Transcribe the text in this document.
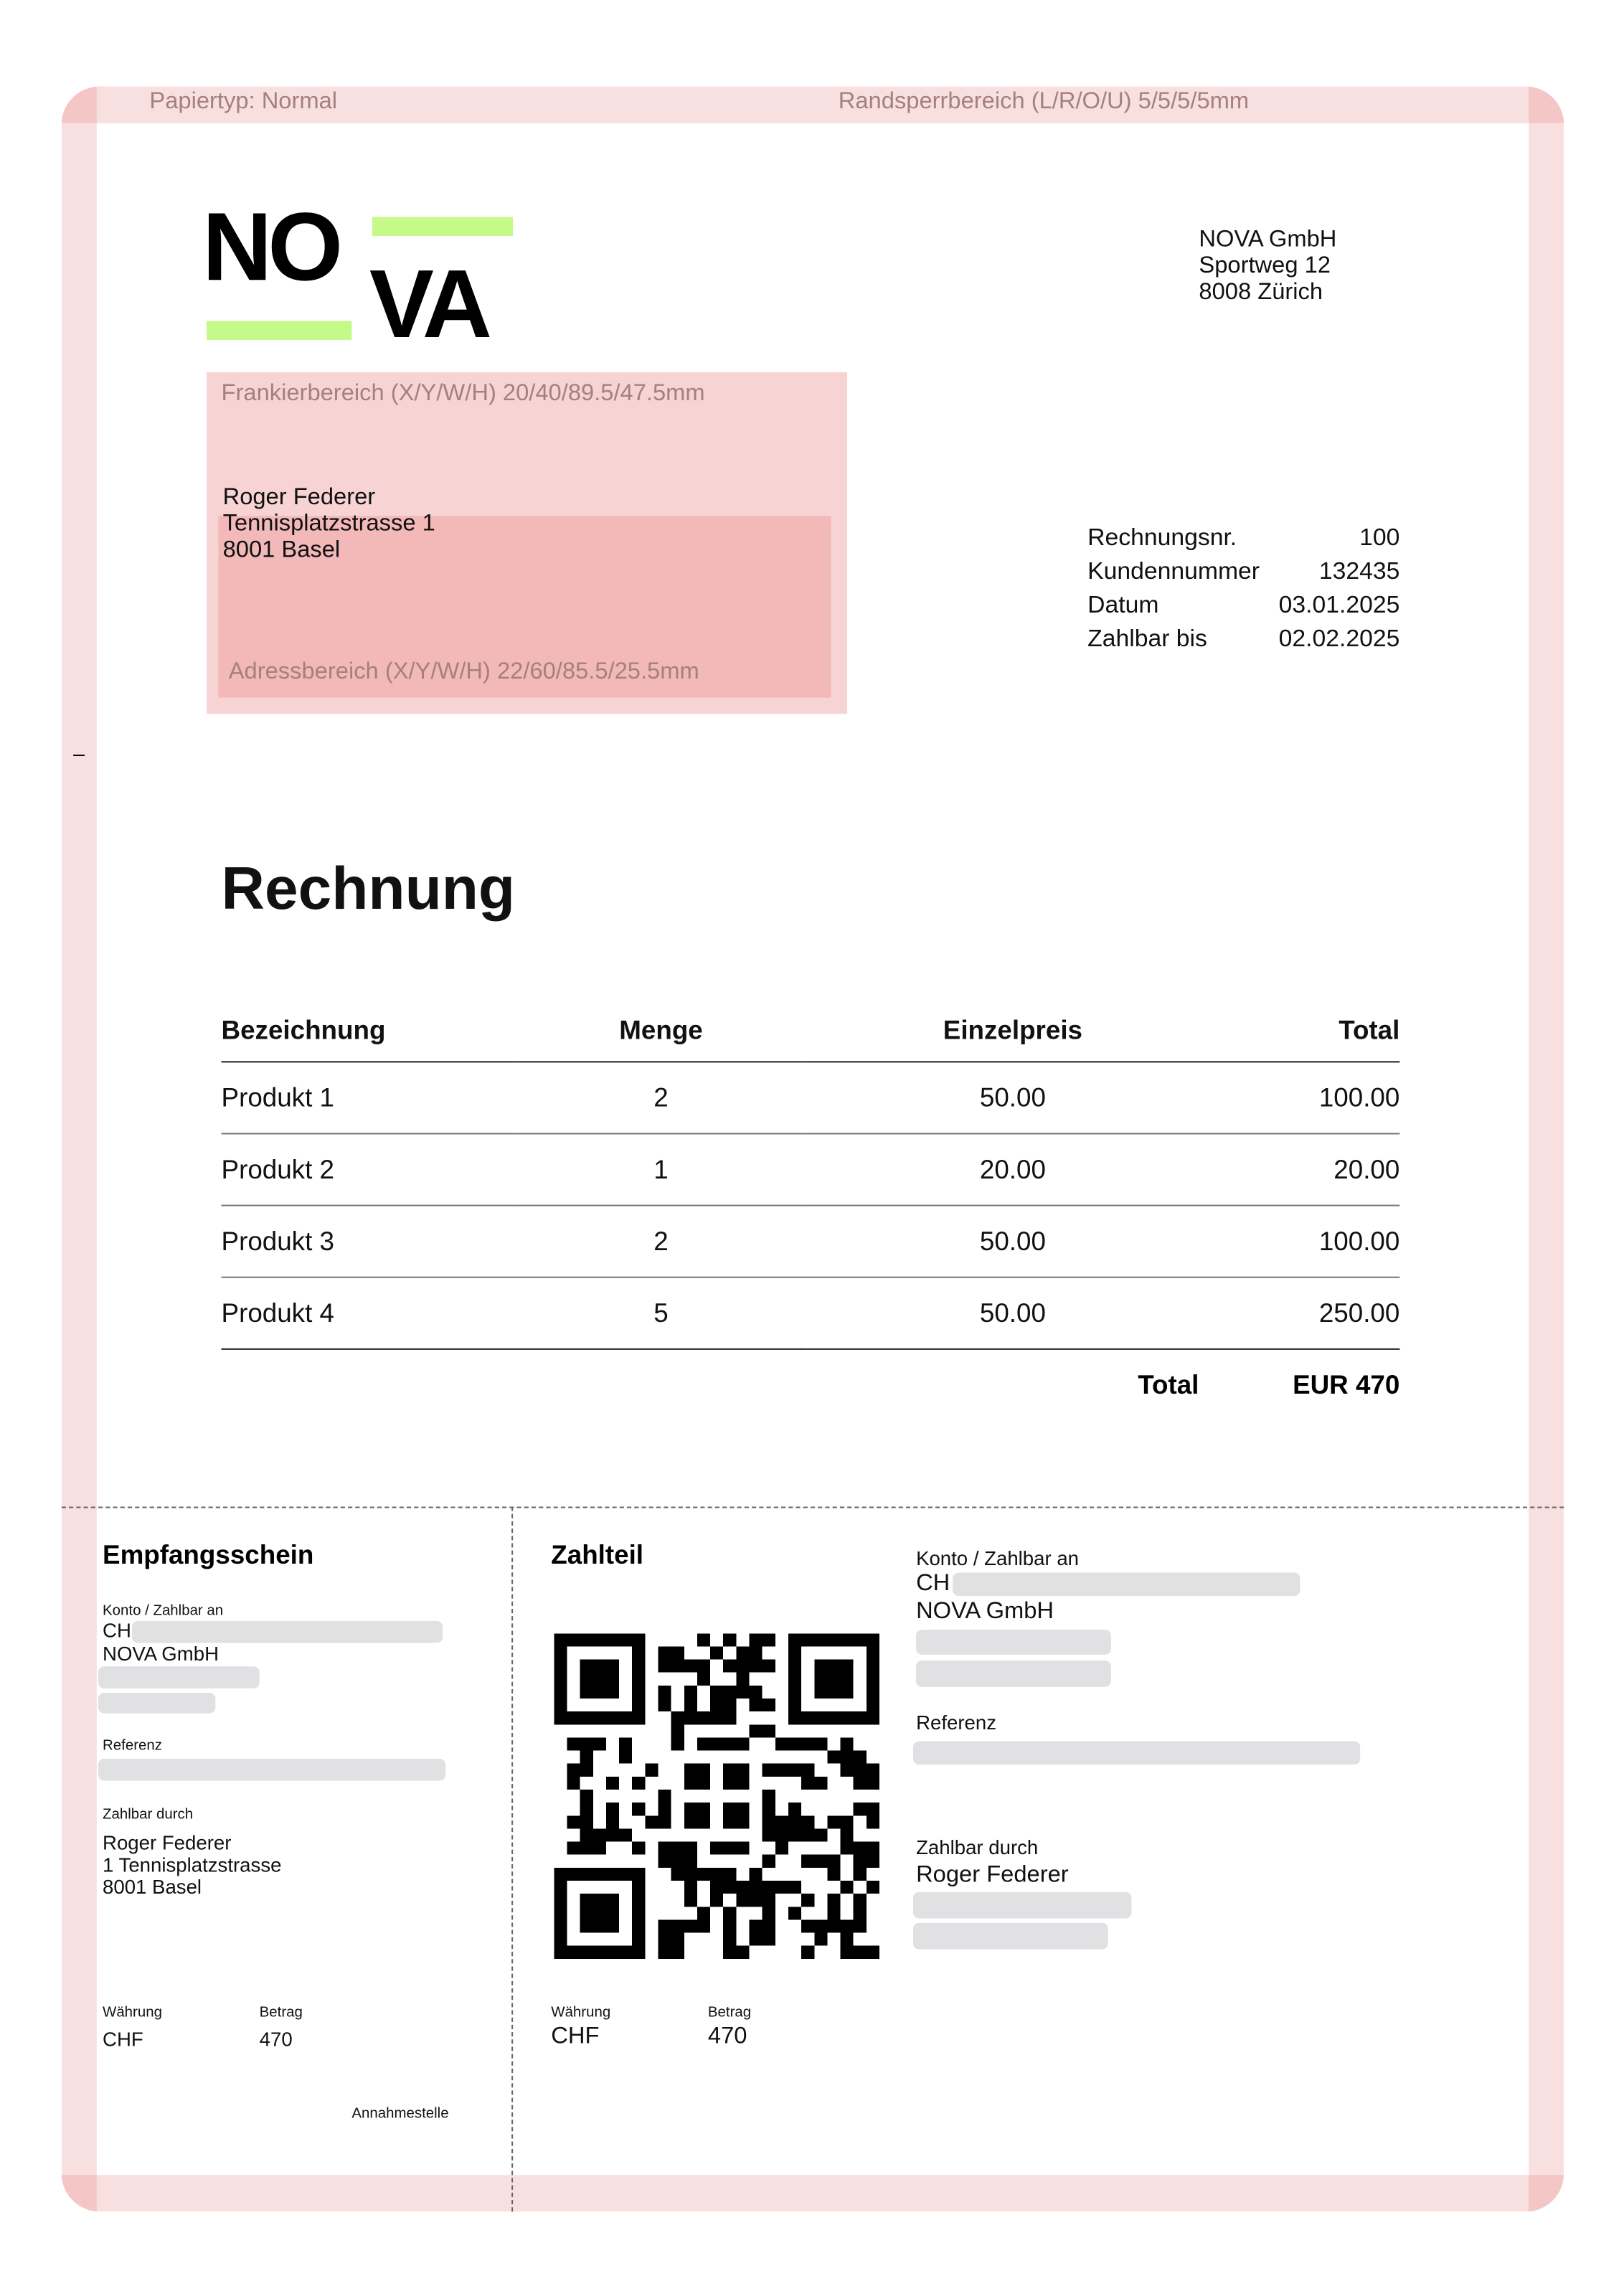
Papiertyp: Normal	Randsperrbereich (L/R/O/U) 5/5/5/5mm
NO
VA
NOVA GmbH
Sportweg 12
8008 Zürich
Frankierbereich (X/Y/W/H) 20/40/89.5/47.5mm
Adressbereich (X/Y/W/H) 22/60/85.5/25.5mm
Roger Federer
Tennisplatzstrasse 1
8001 Basel	Rechnungsnr.	100
Kundennummer	132435
Datum	03.01.2025
Zahlbar bis	02.02.2025
–
Rechnung
Bezeichnung	Menge	Einzelpreis	Total
Produkt 1	2	50.00	100.00
Produkt 2	1	20.00	20.00
Produkt 3	2	50.00	100.00
Produkt 4	5	50.00	250.00
Total	EUR 470
Empfangsschein
Konto / Zahlbar an
CH
NOVA GmbH
Referenz
Zahlbar durch
Roger Federer
1 Tennisplatzstrasse
8001 Basel
Währung	Betrag
CHF	470
Annahmestelle
Zahlteil	Konto / Zahlbar an
CH
NOVA GmbH
Referenz
Zahlbar durch
Roger Federer
Währung	Betrag
CHF	470
